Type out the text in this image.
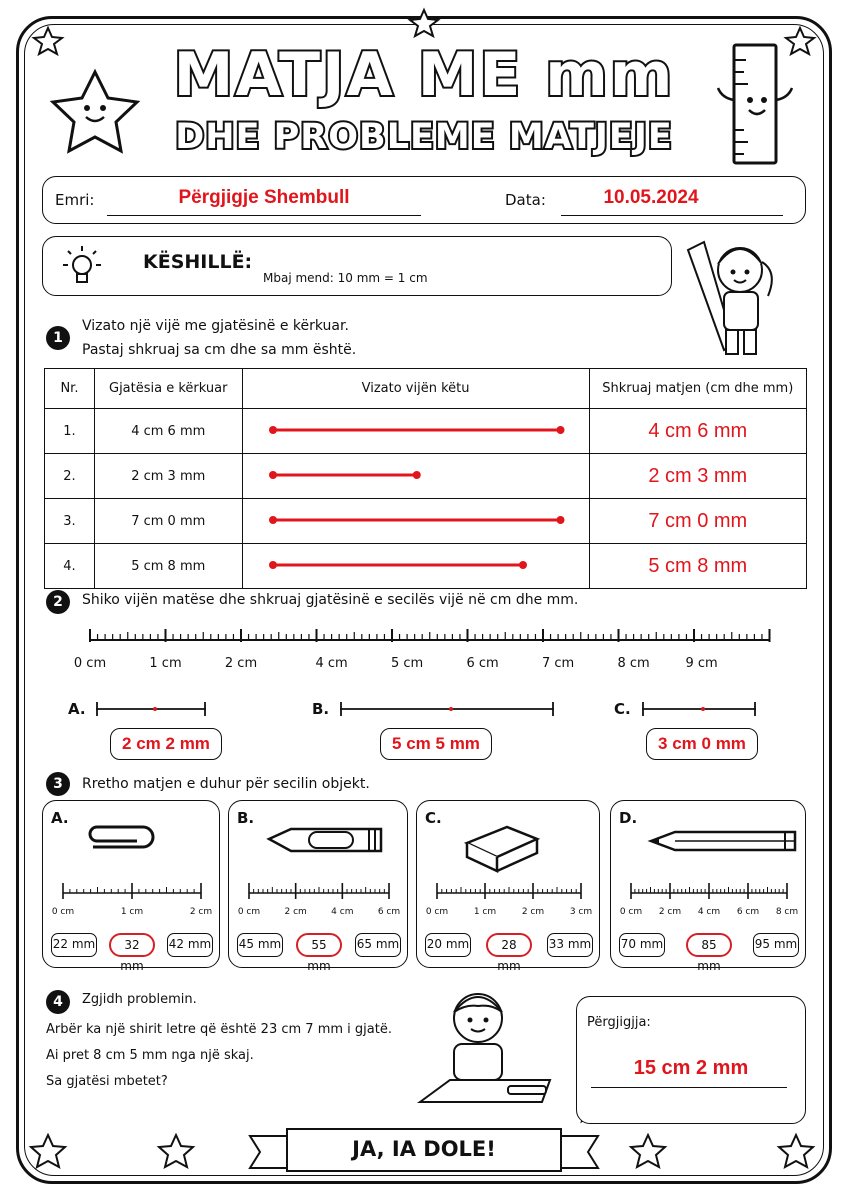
MATJA ME mm
DHE PROBLEME MATJEJE
Emri:	Përgjigje Shembull	Data:	10.05.2024
KËSHILLË:
Mbaj mend: 10 mm = 1 cm
1
Vizato një vijë me gjatësinë e kërkuar.
Pastaj shkruaj sa cm dhe sa mm është.
Nr.	Gjatësia e kërkuar	Vizato vijën këtu	Shkruaj matjen (cm dhe mm)
1.	4 cm 6 mm		4 cm 6 mm
2.	2 cm 3 mm		2 cm 3 mm
3.	7 cm 0 mm		7 cm 0 mm
4.	5 cm 8 mm		5 cm 8 mm
2	Shiko vijën matëse dhe shkruaj gjatësinë e secilës vijë në cm dhe mm.
0 cm	1 cm	2 cm	4 cm	5 cm	6 cm	7 cm	8 cm	9 cm
A.
2 cm 2 mm
B.
5 cm 5 mm
C.
3 cm 0 mm
3	Rretho matjen e duhur për secilin objekt.
A.
0 cm	1 cm	2 cm
22 mm	32 mm
42 mm
B.
0 cm	2 cm	4 cm	6 cm
45 mm	55 mm
65 mm
C.
0 cm	1 cm	2 cm	3 cm
20 mm	28 mm
33 mm
D.
0 cm 2 cm 4 cm 6 cm 8 cm
70 mm	85 mm
95 mm
4	Zgjidh problemin.
Arbër ka një shirit letre që është 23 cm 7 mm i gjatë.
Ai pret 8 cm 5 mm nga një skaj.
Sa gjatësi mbetet?
Përgjigjja:
15 cm 2 mm
JA, IA DOLE!
